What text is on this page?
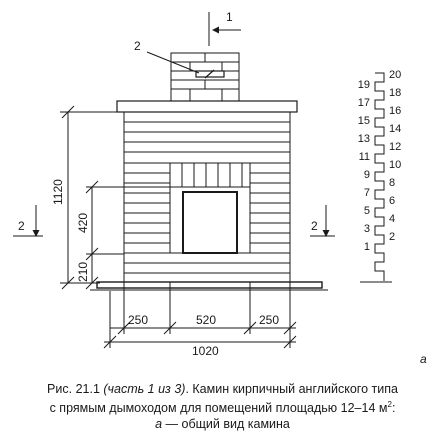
1
2
1120
420
210
2	2
250	520	250
1020
19
17
15
13
11
9
7
5
3
1
20
18
16
14
12
10
8
6
4
2
а
Рис. 21.1 (часть 1 из 3). Камин кирпичный английского типа
с прямым дымоходом для помещений площадью 12–14 $м^2$:
а — общий вид камина
